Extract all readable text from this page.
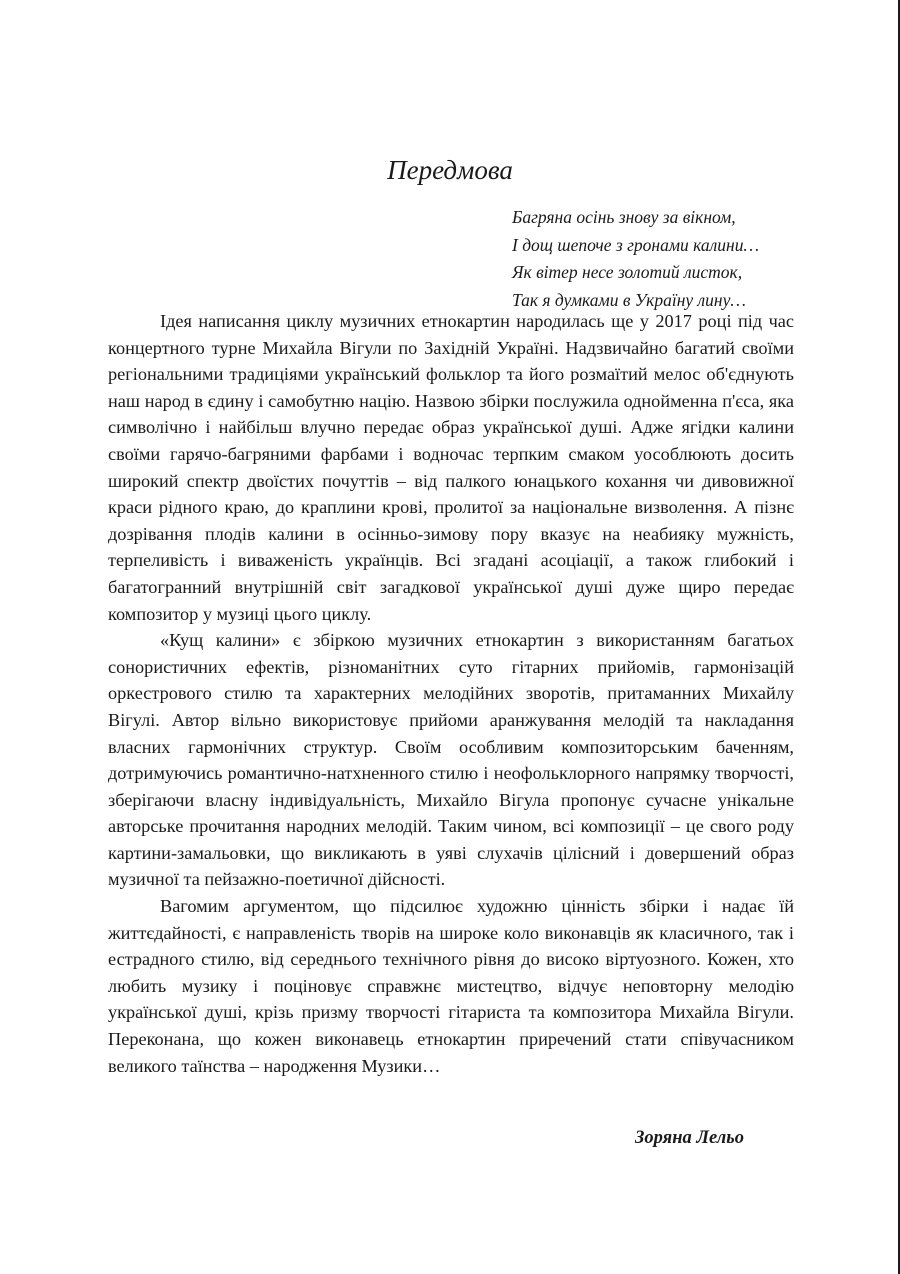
Передмова
Багряна осінь знову за вікном,
І дощ шепоче з гронами калини…
Як вітер несе золотий листок,
Так я думками в Україну лину…

Ідея написання циклу музичних етнокартин народилась ще у 2017 році під час концертного турне Михайла Вігули по Західній Україні. Надзвичайно багатий своїми регіональними традиціями український фольклор та його розмаїтий мелос об'єднують наш народ в єдину і самобутню націю. Назвою збірки послужила однойменна п'єса, яка символічно і найбільш влучно передає образ української душі. Адже ягідки калини своїми гарячо-багряними фарбами і водночас терпким смаком уособлюють досить широкий спектр двоїстих почуттів – від палкого юнацького кохання чи дивовижної краси рідного краю, до краплини крові, пролитої за національне визволення. А пізнє дозрівання плодів калини в осінньо-зимову пору вказує на неабияку мужність, терпеливість і виваженість українців. Всі згадані асоціації, а також глибокий і багатогранний внутрішній світ загадкової української душі дуже щиро передає композитор у музиці цього циклу.

«Кущ калини» є збіркою музичних етнокартин з використанням багатьох сонористичних ефектів, різноманітних суто гітарних прийомів, гармонізацій оркестрового стилю та характерних мелодійних зворотів, притаманних Михайлу Вігулі. Автор вільно використовує прийоми аранжування мелодій та накладання власних гармонічних структур. Своїм особливим композиторським баченням, дотримуючись романтично-натхненного стилю і неофольклорного напрямку творчості, зберігаючи власну індивідуальність, Михайло Вігула пропонує сучасне унікальне авторське прочитання народних мелодій. Таким чином, всі композиції – це свого роду картини-замальовки, що викликають в уяві слухачів цілісний і довершений образ музичної та пейзажно-поетичної дійсності.

Вагомим аргументом, що підсилює художню цінність збірки і надає їй життєдайності, є направленість творів на широке коло виконавців як класичного, так і естрадного стилю, від середнього технічного рівня до високо віртуозного. Кожен, хто любить музику і поціновує справжнє мистецтво, відчує неповторну мелодію української душі, крізь призму творчості гітариста та композитора Михайла Вігули. Переконана, що кожен виконавець етнокартин приречений стати співучасником великого таїнства – народження Музики…

Зоряна Лельо
